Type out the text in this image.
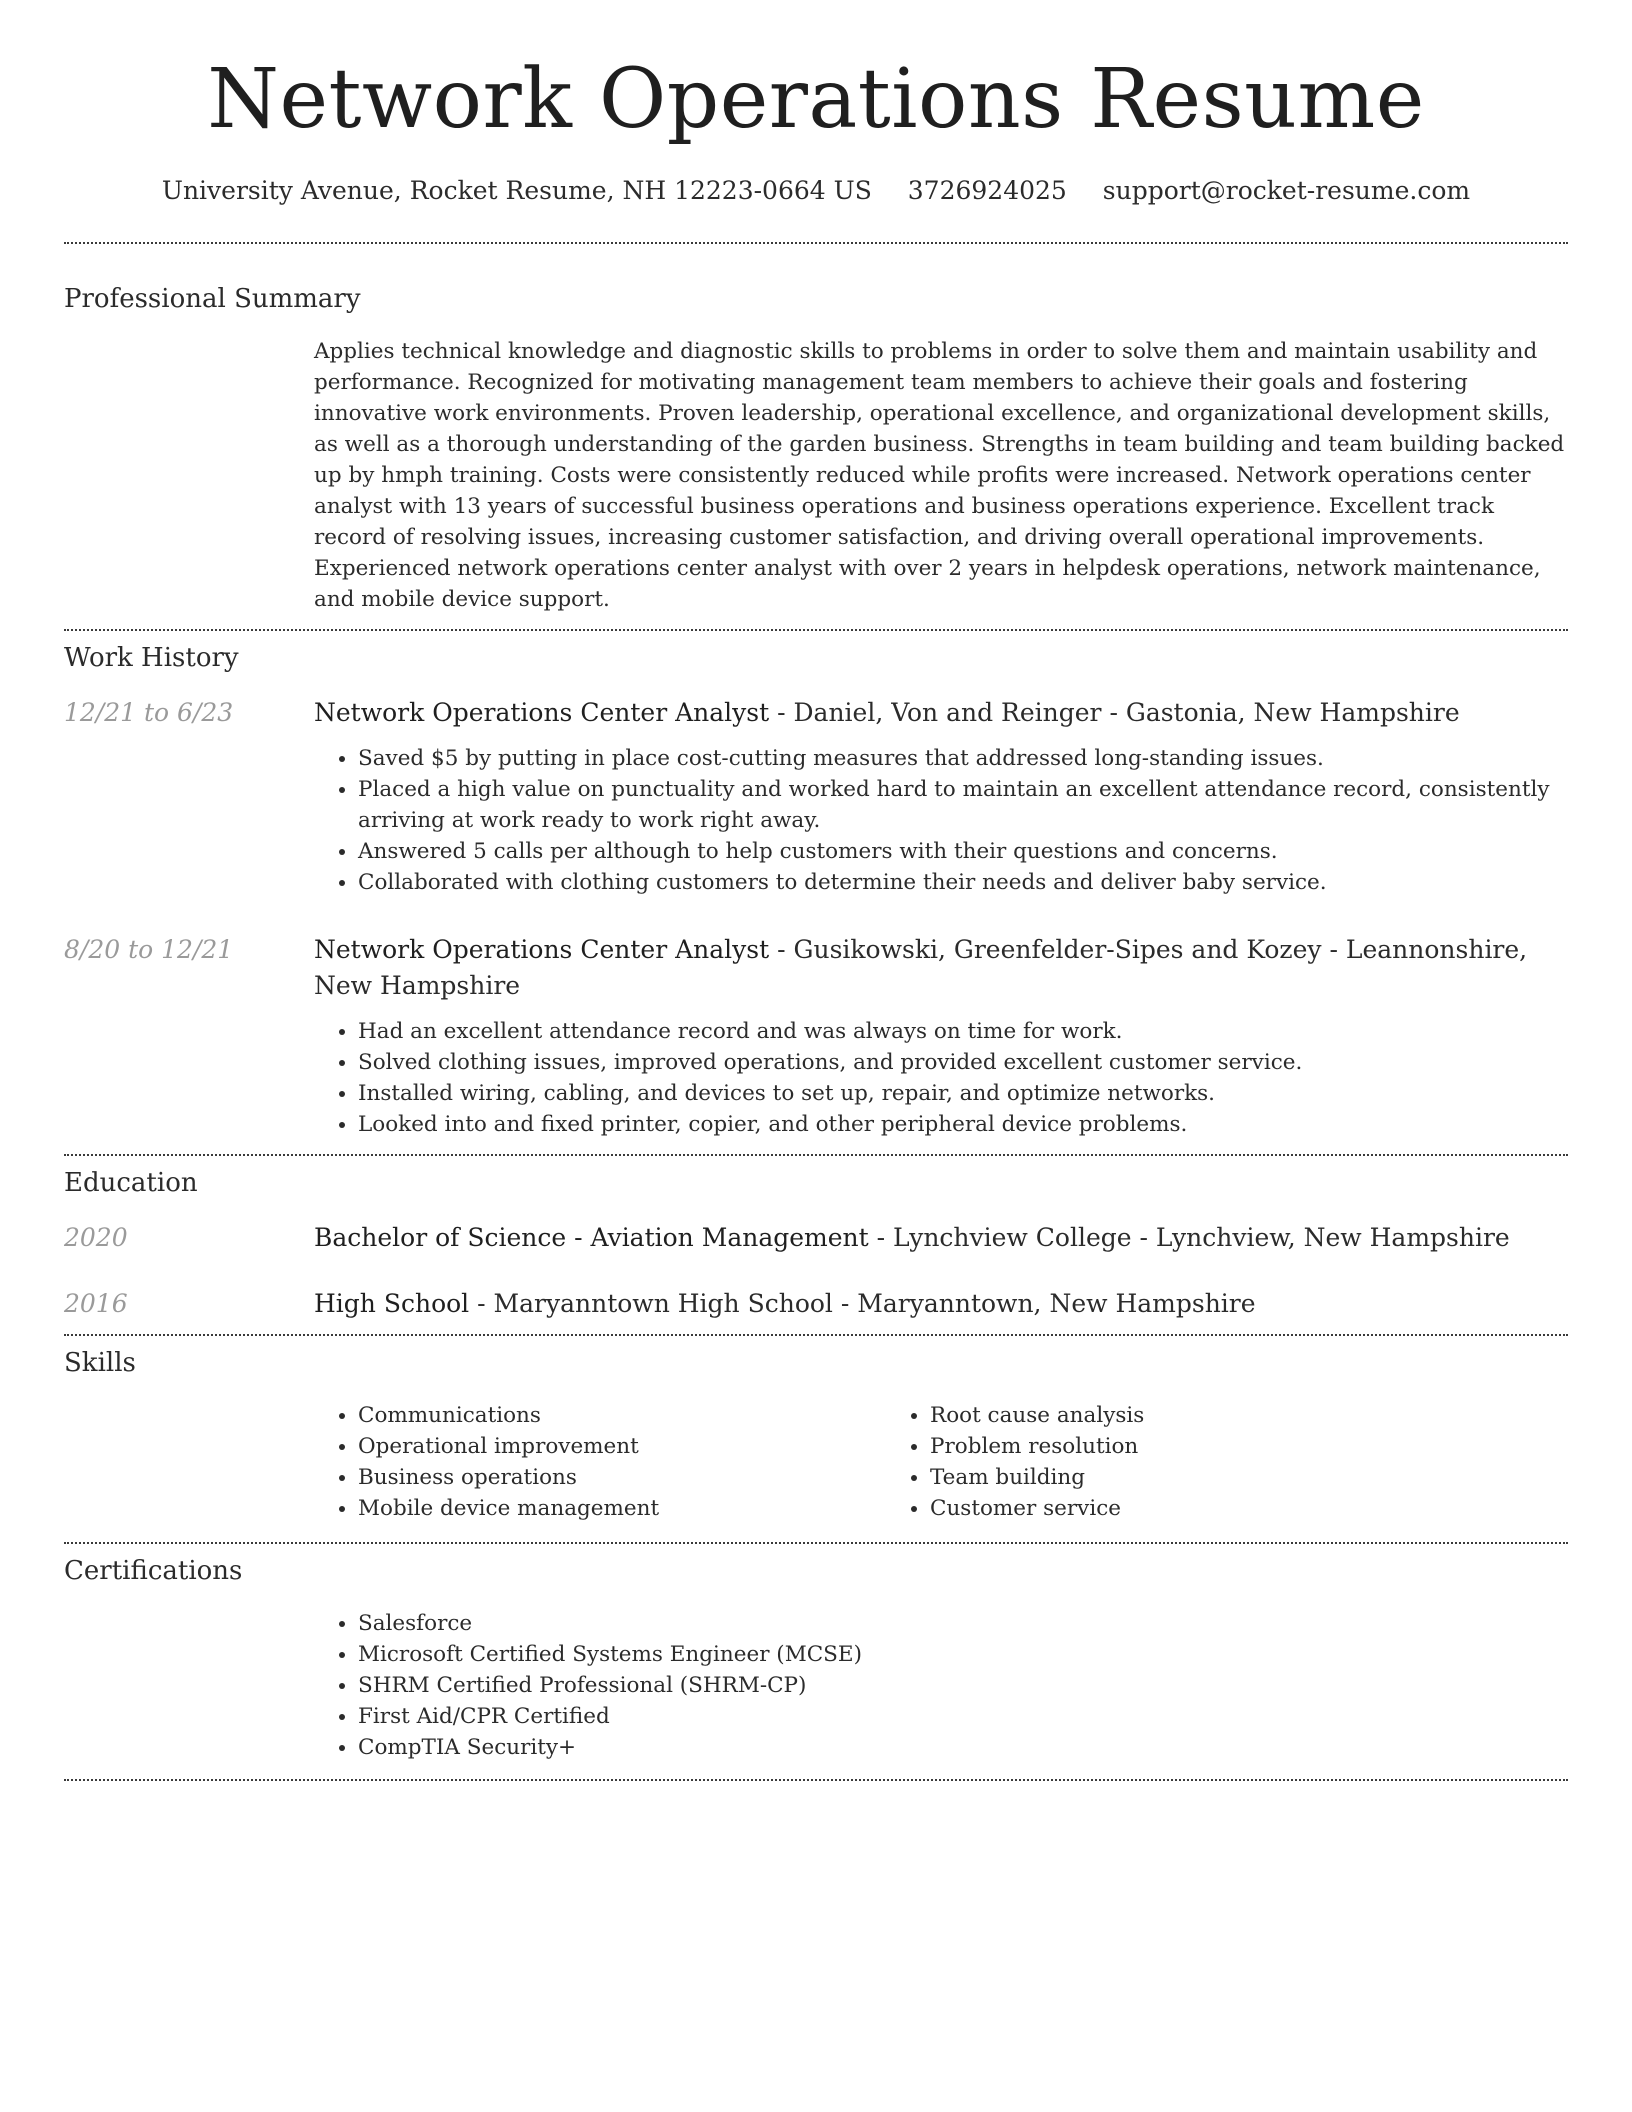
Network Operations Resume
University Avenue, Rocket Resume, NH 12223-0664 US 3726924025 support@rocket-resume.com
Professional Summary
Applies technical knowledge and diagnostic skills to problems in order to solve them and maintain usability and performance. Recognized for motivating management team members to achieve their goals and fostering innovative work environments. Proven leadership, operational excellence, and organizational development skills, as well as a thorough understanding of the garden business. Strengths in team building and team building backed up by hmph training. Costs were consistently reduced while profits were increased. Network operations center analyst with 13 years of successful business operations and business operations experience. Excellent track record of resolving issues, increasing customer satisfaction, and driving overall operational improvements. Experienced network operations center analyst with over 2 years in helpdesk operations, network maintenance, and mobile device support.
Work History
12/21 to 6/23	Network Operations Center Analyst - Daniel, Von and Reinger - Gastonia, New Hampshire
• Saved $5 by putting in place cost-cutting measures that addressed long-standing issues.
• Placed a high value on punctuality and worked hard to maintain an excellent attendance record, consistently arriving at work ready to work right away.
• Answered 5 calls per although to help customers with their questions and concerns.
• Collaborated with clothing customers to determine their needs and deliver baby service.
8/20 to 12/21	Network Operations Center Analyst - Gusikowski, Greenfelder-Sipes and Kozey - Leannonshire, New Hampshire
• Had an excellent attendance record and was always on time for work.
• Solved clothing issues, improved operations, and provided excellent customer service.
• Installed wiring, cabling, and devices to set up, repair, and optimize networks.
• Looked into and fixed printer, copier, and other peripheral device problems.
Education
2020	Bachelor of Science - Aviation Management - Lynchview College - Lynchview, New Hampshire
2016	High School - Maryanntown High School - Maryanntown, New Hampshire
Skills
• Communications
• Operational improvement
• Business operations
• Mobile device management
• Root cause analysis
• Problem resolution
• Team building
• Customer service
Certifications
• Salesforce
• Microsoft Certified Systems Engineer (MCSE)
• SHRM Certified Professional (SHRM-CP)
• First Aid/CPR Certified
• CompTIA Security+
